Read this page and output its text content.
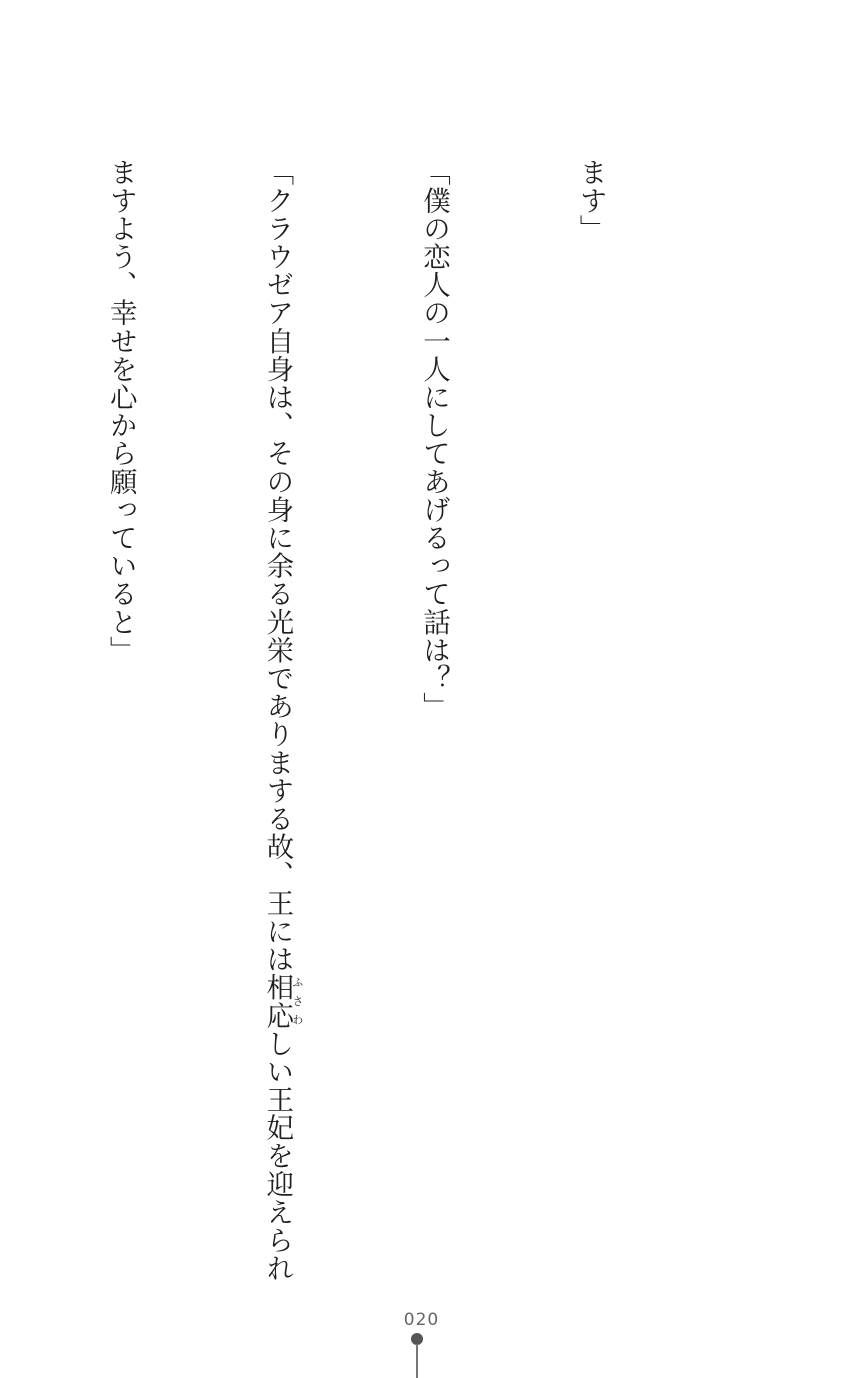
ます」

「僕の恋人の一人にしてあげるって話は？」

「クラウゼア自身は、その身に余る光栄でありまする故、王には相応ふさわしい王妃を迎えられ

ますよう、幸せを心から願っていると」

020
